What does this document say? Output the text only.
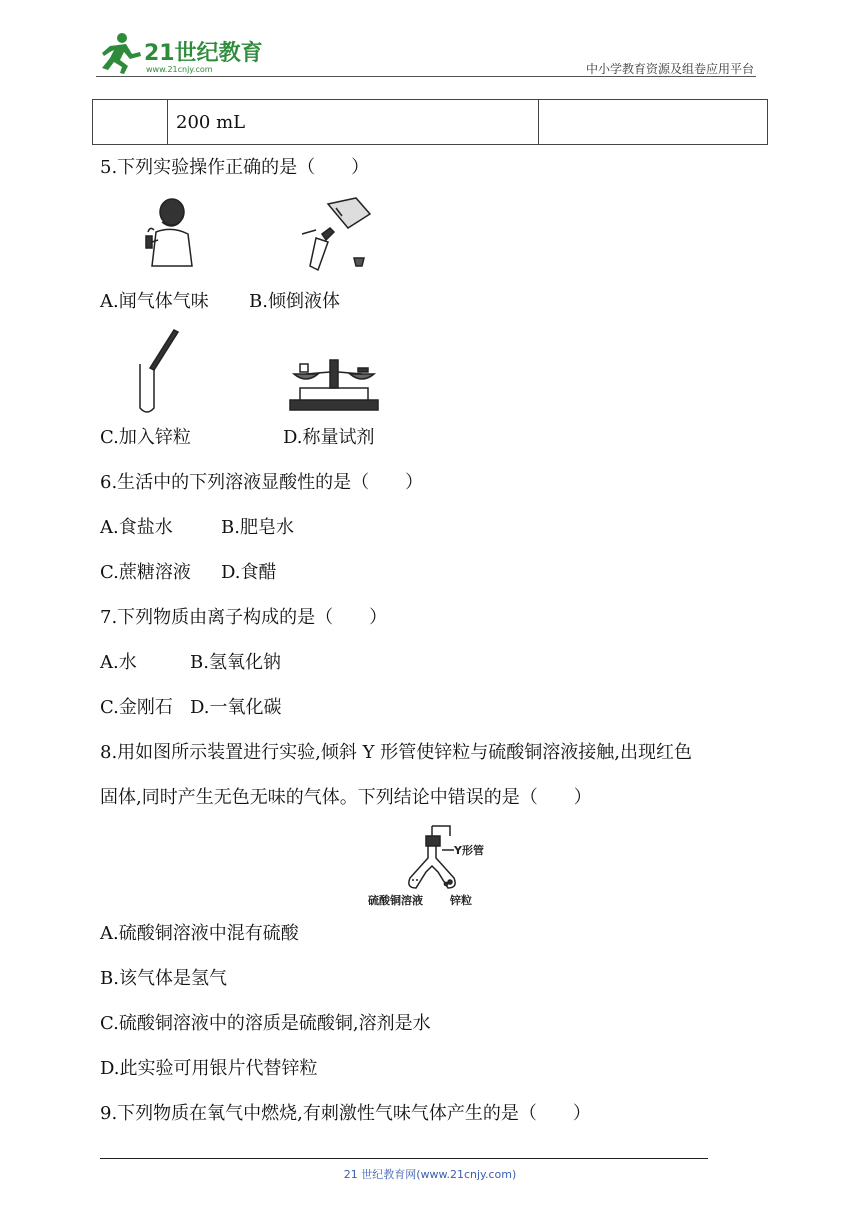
21世纪教育
www.21cnjy.com	中小学教育资源及组卷应用平台
	200 mL	
5.下列实验操作正确的是（　　）
A.闻气体气味 B.倾倒液体
C.加入锌粒	D.称量试剂
6.生活中的下列溶液显酸性的是（　　）
A.食盐水	B.肥皂水
C.蔗糖溶液 D.食醋
7.下列物质由离子构成的是（　　）
A.水	B.氢氧化钠
C.金刚石 D.一氧化碳
8.用如图所示装置进行实验,倾斜 Y 形管使锌粒与硫酸铜溶液接触,出现红色
固体,同时产生无色无味的气体。下列结论中错误的是（　　）
Y形管
硫酸铜溶液 锌粒
A.硫酸铜溶液中混有硫酸
B.该气体是氢气
C.硫酸铜溶液中的溶质是硫酸铜,溶剂是水
D.此实验可用银片代替锌粒
9.下列物质在氧气中燃烧,有刺激性气味气体产生的是（　　）
21 世纪教育网(www.21cnjy.com)
